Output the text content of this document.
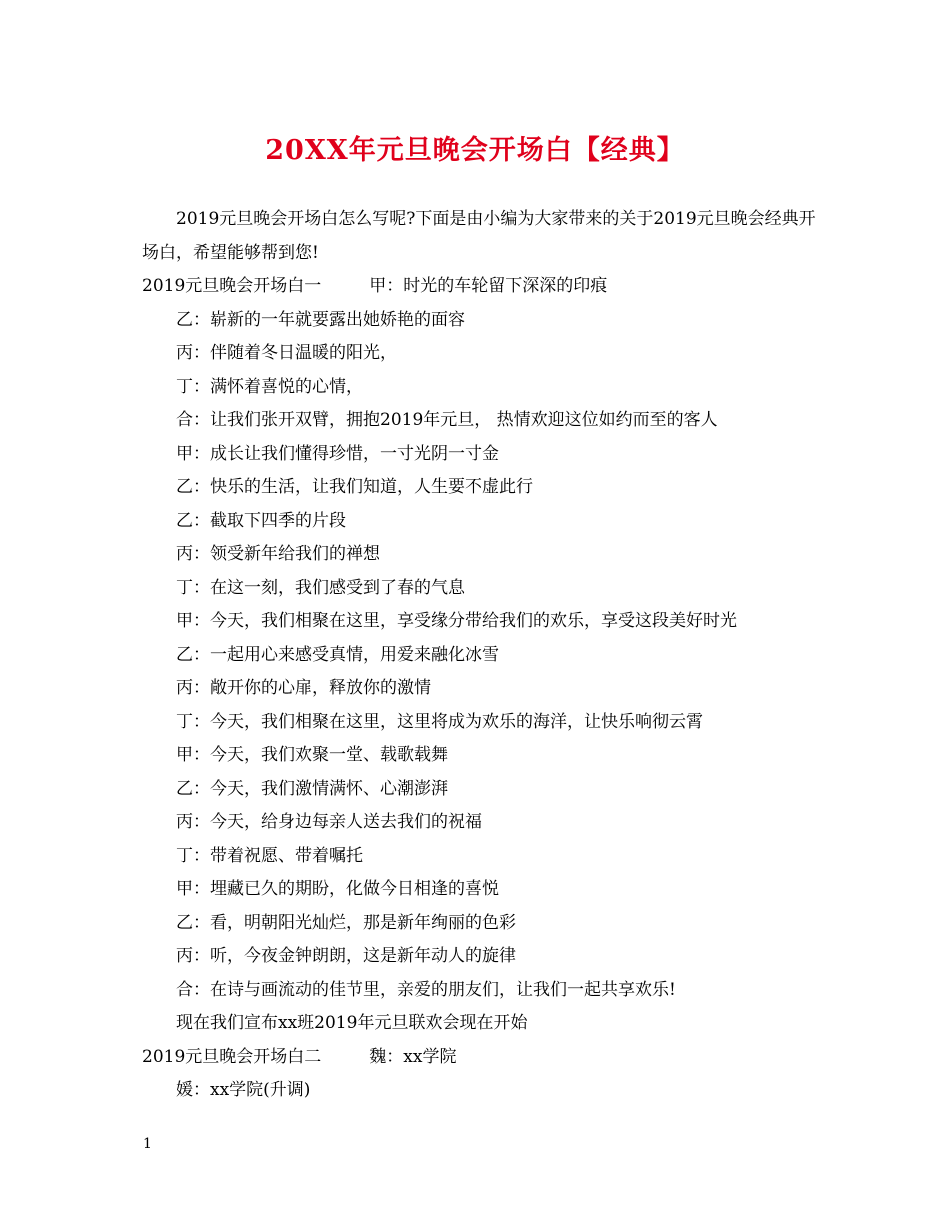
20XX年元旦晚会开场白【经典】
2019元旦晚会开场白怎么写呢?下面是由小编为大家带来的关于2019元旦晚会经典开场白，希望能够帮到您!
2019元旦晚会开场白一	甲：时光的车轮留下深深的印痕
乙：崭新的一年就要露出她娇艳的面容
丙：伴随着冬日温暖的阳光，
丁：满怀着喜悦的心情，
合：让我们张开双臂，拥抱2019年元旦， 热情欢迎这位如约而至的客人
甲：成长让我们懂得珍惜，一寸光阴一寸金
乙：快乐的生活，让我们知道，人生要不虚此行
乙：截取下四季的片段
丙：领受新年给我们的禅想
丁：在这一刻，我们感受到了春的气息
甲：今天，我们相聚在这里，享受缘分带给我们的欢乐，享受这段美好时光
乙：一起用心来感受真情，用爱来融化冰雪
丙：敞开你的心扉，释放你的激情
丁：今天，我们相聚在这里，这里将成为欢乐的海洋，让快乐响彻云霄
甲：今天，我们欢聚一堂、载歌载舞
乙：今天，我们激情满怀、心潮澎湃
丙：今天，给身边每亲人送去我们的祝福
丁：带着祝愿、带着嘱托
甲：埋藏已久的期盼，化做今日相逢的喜悦
乙：看，明朝阳光灿烂，那是新年绚丽的色彩
丙：听，今夜金钟朗朗，这是新年动人的旋律
合：在诗与画流动的佳节里，亲爱的朋友们，让我们一起共享欢乐!
现在我们宣布xx班2019年元旦联欢会现在开始
2019元旦晚会开场白二	魏：xx学院
媛：xx学院(升调)
1
